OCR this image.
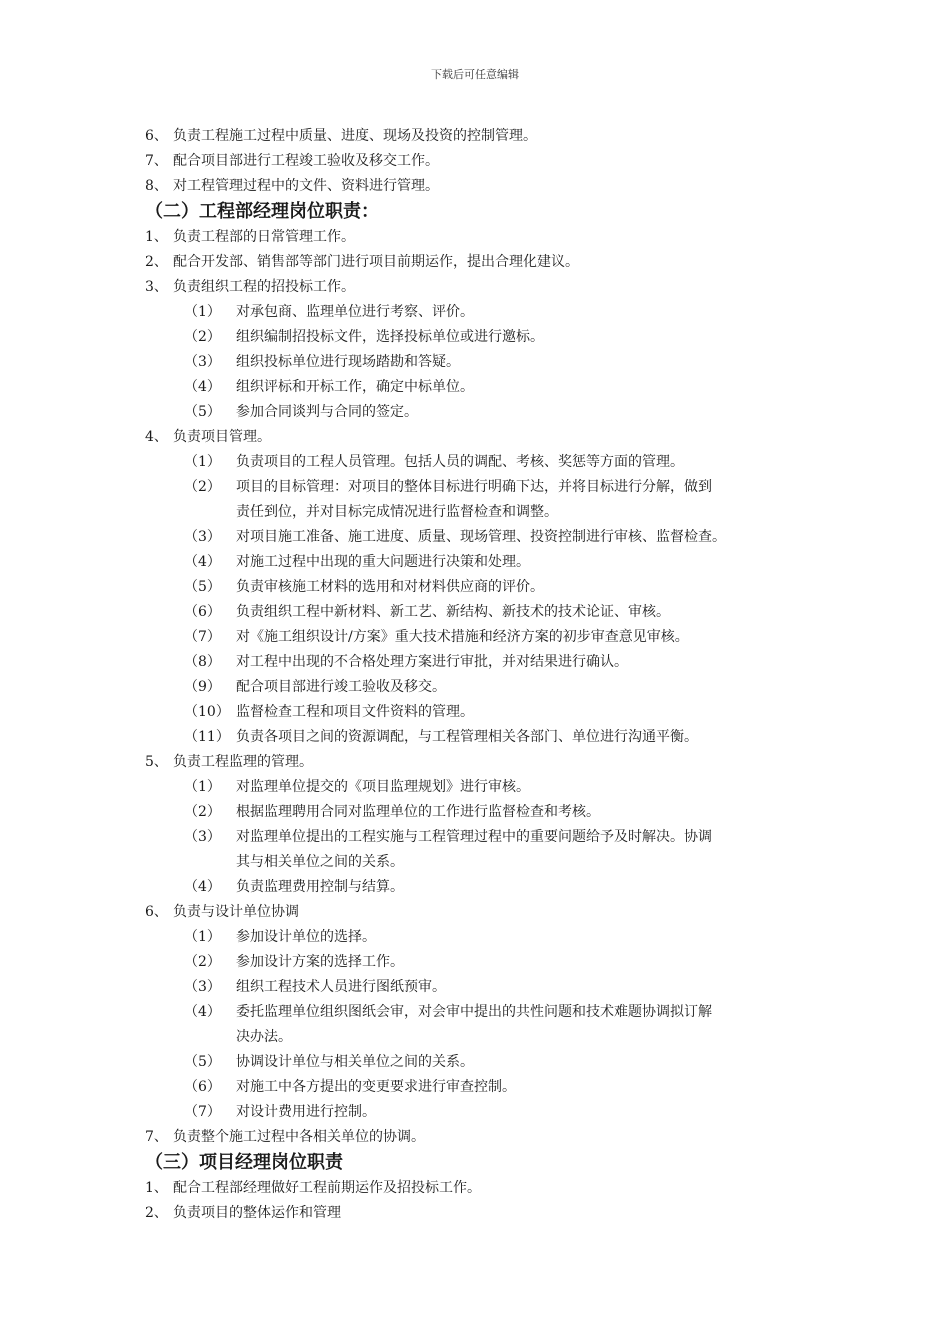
下载后可任意编辑
6、 负责工程施工过程中质量、进度、现场及投资的控制管理。
7、 配合项目部进行工程竣工验收及移交工作。
8、 对工程管理过程中的文件、资料进行管理。
（二）工程部经理岗位职责：
1、 负责工程部的日常管理工作。
2、 配合开发部、销售部等部门进行项目前期运作，提出合理化建议。
3、 负责组织工程的招投标工作。
（1） 对承包商、监理单位进行考察、评价。
（2） 组织编制招投标文件，选择投标单位或进行邀标。
（3） 组织投标单位进行现场踏勘和答疑。
（4） 组织评标和开标工作，确定中标单位。
（5） 参加合同谈判与合同的签定。
4、 负责项目管理。
（1） 负责项目的工程人员管理。包括人员的调配、考核、奖惩等方面的管理。
（2） 项目的目标管理：对项目的整体目标进行明确下达，并将目标进行分解，做到
责任到位，并对目标完成情况进行监督检查和调整。
（3） 对项目施工准备、施工进度、质量、现场管理、投资控制进行审核、监督检查。
（4） 对施工过程中出现的重大问题进行决策和处理。
（5） 负责审核施工材料的选用和对材料供应商的评价。
（6） 负责组织工程中新材料、新工艺、新结构、新技术的技术论证、审核。
（7） 对《施工组织设计/方案》重大技术措施和经济方案的初步审查意见审核。
（8） 对工程中出现的不合格处理方案进行审批，并对结果进行确认。
（9） 配合项目部进行竣工验收及移交。
（10） 监督检查工程和项目文件资料的管理。
（11） 负责各项目之间的资源调配，与工程管理相关各部门、单位进行沟通平衡。
5、 负责工程监理的管理。
（1） 对监理单位提交的《项目监理规划》进行审核。
（2） 根据监理聘用合同对监理单位的工作进行监督检查和考核。
（3） 对监理单位提出的工程实施与工程管理过程中的重要问题给予及时解决。协调
其与相关单位之间的关系。
（4） 负责监理费用控制与结算。
6、 负责与设计单位协调
（1） 参加设计单位的选择。
（2） 参加设计方案的选择工作。
（3） 组织工程技术人员进行图纸预审。
（4） 委托监理单位组织图纸会审，对会审中提出的共性问题和技术难题协调拟订解
决办法。
（5） 协调设计单位与相关单位之间的关系。
（6） 对施工中各方提出的变更要求进行审查控制。
（7） 对设计费用进行控制。
7、 负责整个施工过程中各相关单位的协调。
（三）项目经理岗位职责
1、 配合工程部经理做好工程前期运作及招投标工作。
2、 负责项目的整体运作和管理
